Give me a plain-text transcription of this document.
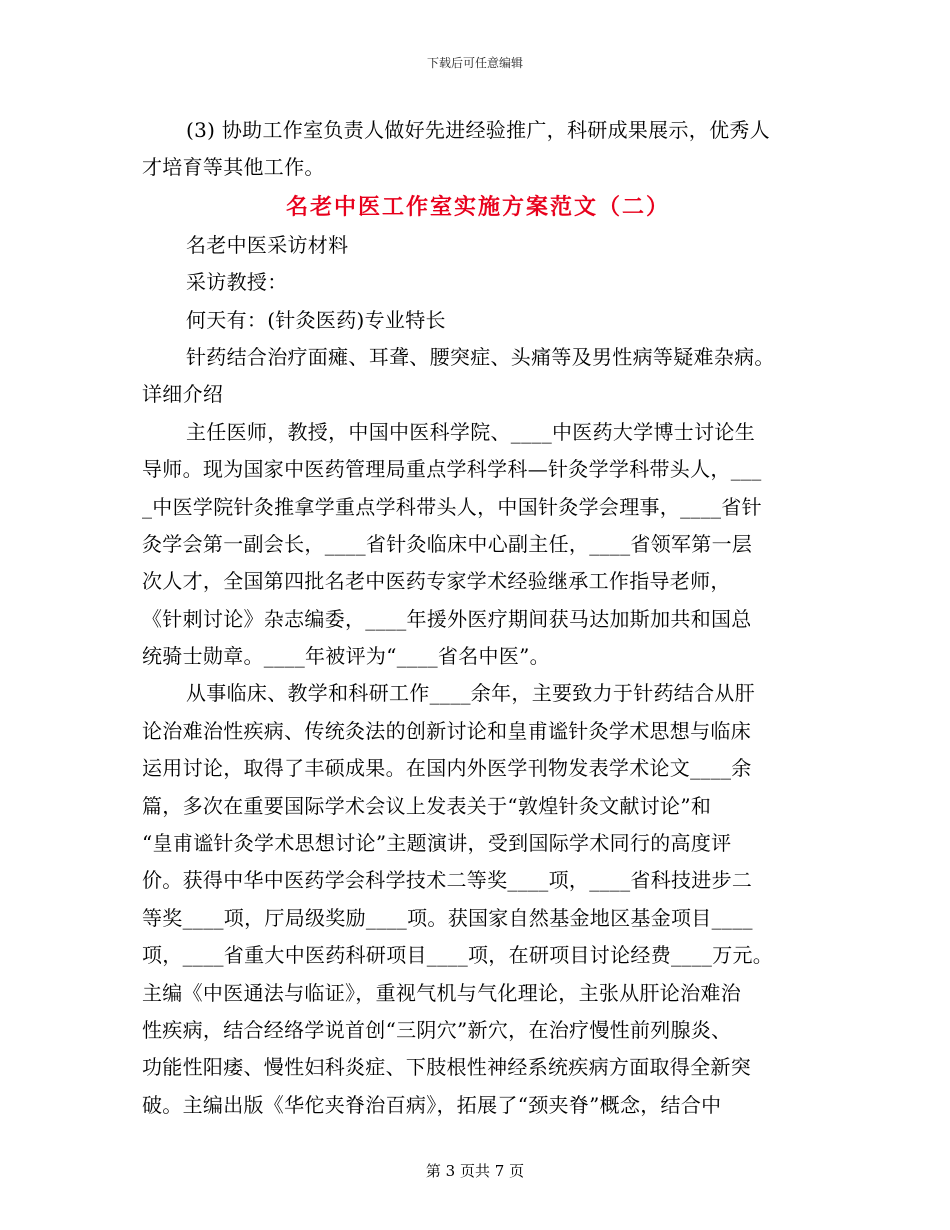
下载后可任意编辑
(3) 协助工作室负责人做好先进经验推广，科研成果展示，优秀人
才培育等其他工作。
名老中医工作室实施方案范文（二）
名老中医采访材料
采访教授：
何天有：(针灸医药)专业特长
针药结合治疗面瘫、耳聋、腰突症、头痛等及男性病等疑难杂病。
详细介绍
主任医师，教授，中国中医科学院、____中医药大学博士讨论生
导师。现为国家中医药管理局重点学科学科—针灸学学科带头人，___
_中医学院针灸推拿学重点学科带头人，中国针灸学会理事，____省针
灸学会第一副会长，____省针灸临床中心副主任，____省领军第一层
次人才，全国第四批名老中医药专家学术经验继承工作指导老师，
《针刺讨论》杂志编委，____年援外医疗期间获马达加斯加共和国总
统骑士勋章。____年被评为“____省名中医”。
从事临床、教学和科研工作____余年，主要致力于针药结合从肝
论治难治性疾病、传统灸法的创新讨论和皇甫谧针灸学术思想与临床
运用讨论，取得了丰硕成果。在国内外医学刊物发表学术论文____余
篇，多次在重要国际学术会议上发表关于“敦煌针灸文献讨论”和
“皇甫谧针灸学术思想讨论”主题演讲，受到国际学术同行的高度评
价。获得中华中医药学会科学技术二等奖____项，____省科技进步二
等奖____项，厅局级奖励____项。获国家自然基金地区基金项目____
项，____省重大中医药科研项目____项，在研项目讨论经费____万元。
主编《中医通法与临证》，重视气机与气化理论，主张从肝论治难治
性疾病，结合经络学说首创“三阴穴”新穴，在治疗慢性前列腺炎、
功能性阳痿、慢性妇科炎症、下肢根性神经系统疾病方面取得全新突
破。主编出版《华佗夹脊治百病》，拓展了“颈夹脊”概念，结合中
第 3 页共 7 页
